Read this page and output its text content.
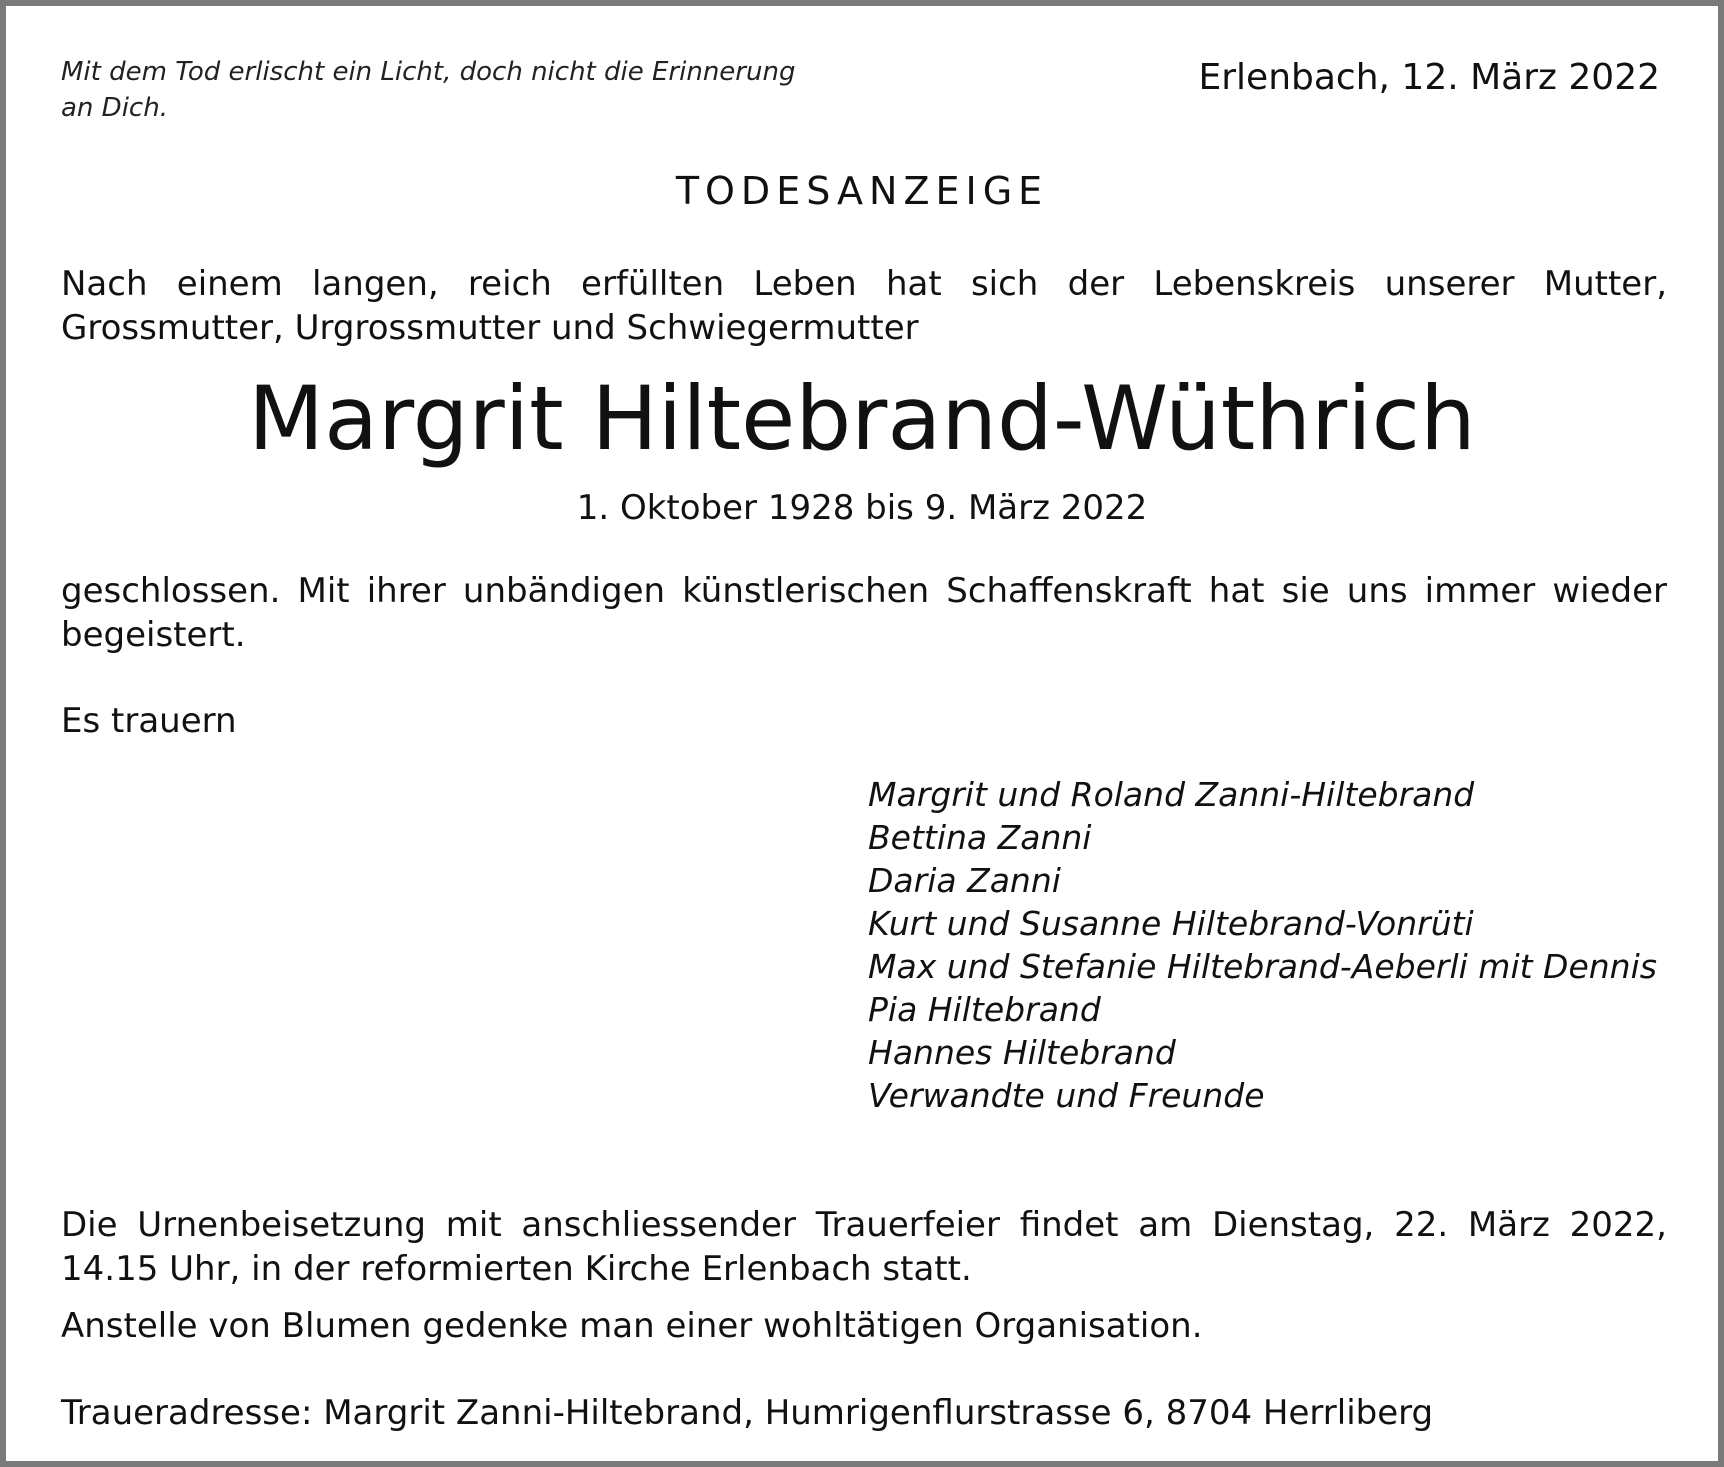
Mit dem Tod erlischt ein Licht, doch nicht die Erinnerung an Dich.
Erlenbach, 12. März 2022
TODESANZEIGE
Nach einem langen, reich erfüllten Leben hat sich der Lebenskreis unserer Mutter, Grossmutter, Urgrossmutter und Schwiegermutter
Margrit Hiltebrand-Wüthrich
1. Oktober 1928 bis 9. März 2022
geschlossen. Mit ihrer unbändigen künstlerischen Schaffenskraft hat sie uns immer wieder begeistert.
Es trauern
Margrit und Roland Zanni-Hiltebrand
Bettina Zanni
Daria Zanni
Kurt und Susanne Hiltebrand-Vonrüti
Max und Stefanie Hiltebrand-Aeberli mit Dennis
Pia Hiltebrand
Hannes Hiltebrand
Verwandte und Freunde
Die Urnenbeisetzung mit anschliessender Trauerfeier findet am Dienstag, 22. März 2022, 14.15 Uhr, in der reformierten Kirche Erlenbach statt.
Anstelle von Blumen gedenke man einer wohltätigen Organisation.
Traueradresse: Margrit Zanni-Hiltebrand, Humrigenflurstrasse 6, 8704 Herrliberg
